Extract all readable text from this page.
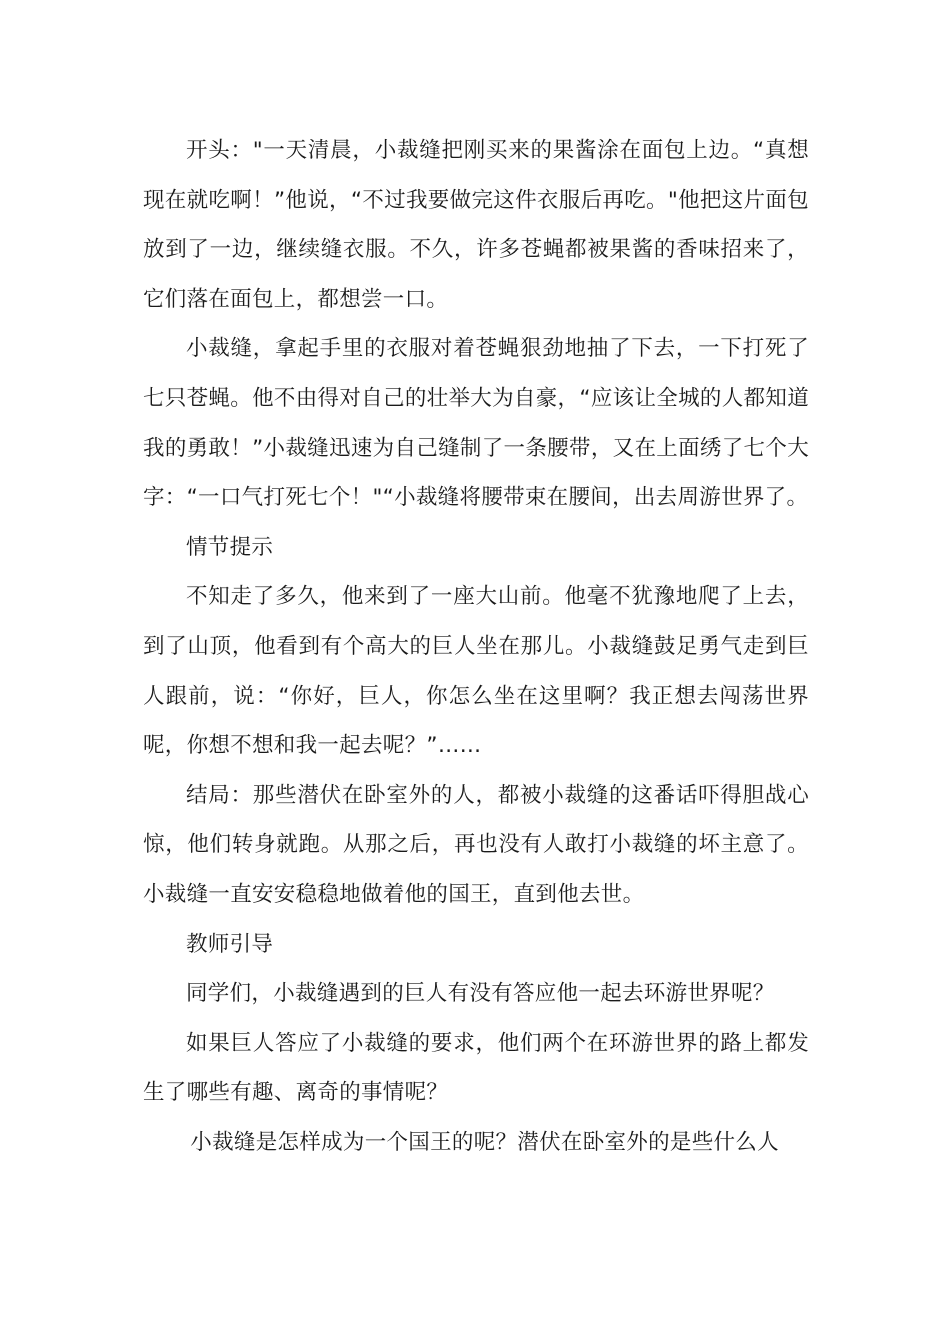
开头："一天清晨，小裁缝把刚买来的果酱涂在面包上边。“真想现在就吃啊！”他说，“不过我要做完这件衣服后再吃。"他把这片面包放到了一边，继续缝衣服。不久，许多苍蝇都被果酱的香味招来了，它们落在面包上，都想尝一口。

小裁缝，拿起手里的衣服对着苍蝇狠劲地抽了下去，一下打死了七只苍蝇。他不由得对自己的壮举大为自豪，“应该让全城的人都知道我的勇敢！”小裁缝迅速为自己缝制了一条腰带，又在上面绣了七个大字：“一口气打死七个！"“小裁缝将腰带束在腰间，出去周游世界了。

情节提示

不知走了多久，他来到了一座大山前。他毫不犹豫地爬了上去，到了山顶，他看到有个高大的巨人坐在那儿。小裁缝鼓足勇气走到巨人跟前，说：“你好，巨人，你怎么坐在这里啊？我正想去闯荡世界呢，你想不想和我一起去呢？”……

结局：那些潜伏在卧室外的人，都被小裁缝的这番话吓得胆战心惊，他们转身就跑。从那之后，再也没有人敢打小裁缝的坏主意了。小裁缝一直安安稳稳地做着他的国王，直到他去世。

教师引导

同学们，小裁缝遇到的巨人有没有答应他一起去环游世界呢？

如果巨人答应了小裁缝的要求，他们两个在环游世界的路上都发生了哪些有趣、离奇的事情呢？

小裁缝是怎样成为一个国王的呢？潜伏在卧室外的是些什么人
